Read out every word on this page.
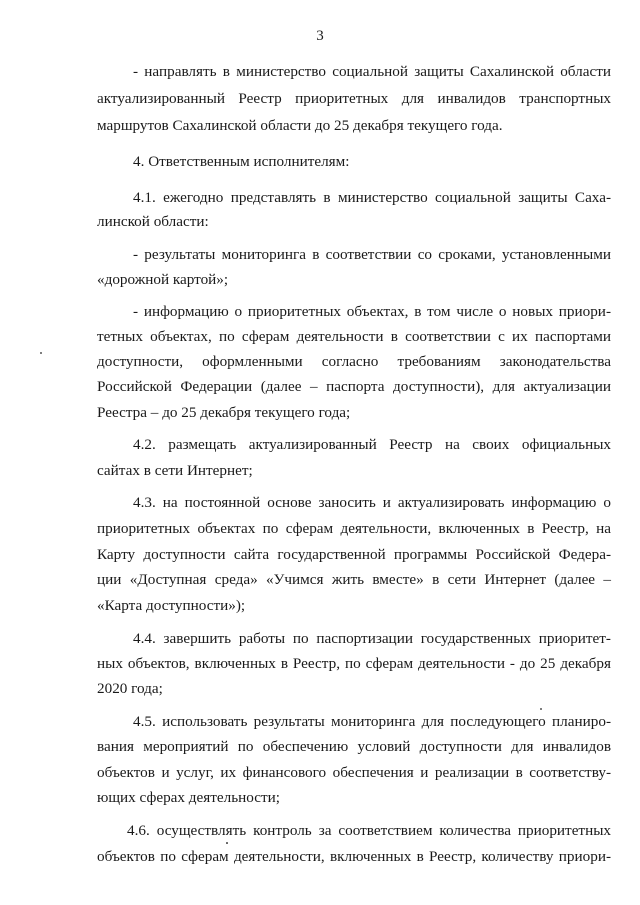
3
- направлять в министерство социальной защиты Сахалинской области
актуализированный Реестр приоритетных для инвалидов транспортных
маршрутов Сахалинской области до 25 декабря текущего года.
4. Ответственным исполнителям:
4.1. ежегодно представлять в министерство социальной защиты Саха-
линской области:
- результаты мониторинга в соответствии со сроками, установленными
«дорожной картой»;
- информацию о приоритетных объектах, в том числе о новых приори-
тетных объектах, по сферам деятельности в соответствии с их паспортами
доступности, оформленными согласно требованиям законодательства
Российской Федерации (далее – паспорта доступности), для актуализации
Реестра – до 25 декабря текущего года;
4.2. размещать актуализированный Реестр на своих официальных
сайтах в сети Интернет;
4.3. на постоянной основе заносить и актуализировать информацию о
приоритетных объектах по сферам деятельности, включенных в Реестр, на
Карту доступности сайта государственной программы Российской Федера-
ции «Доступная среда» «Учимся жить вместе» в сети Интернет (далее –
«Карта доступности»);
4.4. завершить работы по паспортизации государственных приоритет-
ных объектов, включенных в Реестр, по сферам деятельности - до 25 декабря
2020 года;
4.5. использовать результаты мониторинга для последующего планиро-
вания мероприятий по обеспечению условий доступности для инвалидов
объектов и услуг, их финансового обеспечения и реализации в соответству-
ющих сферах деятельности;
4.6. осуществлять контроль за соответствием количества приоритетных
объектов по сферам деятельности, включенных в Реестр, количеству приори-
